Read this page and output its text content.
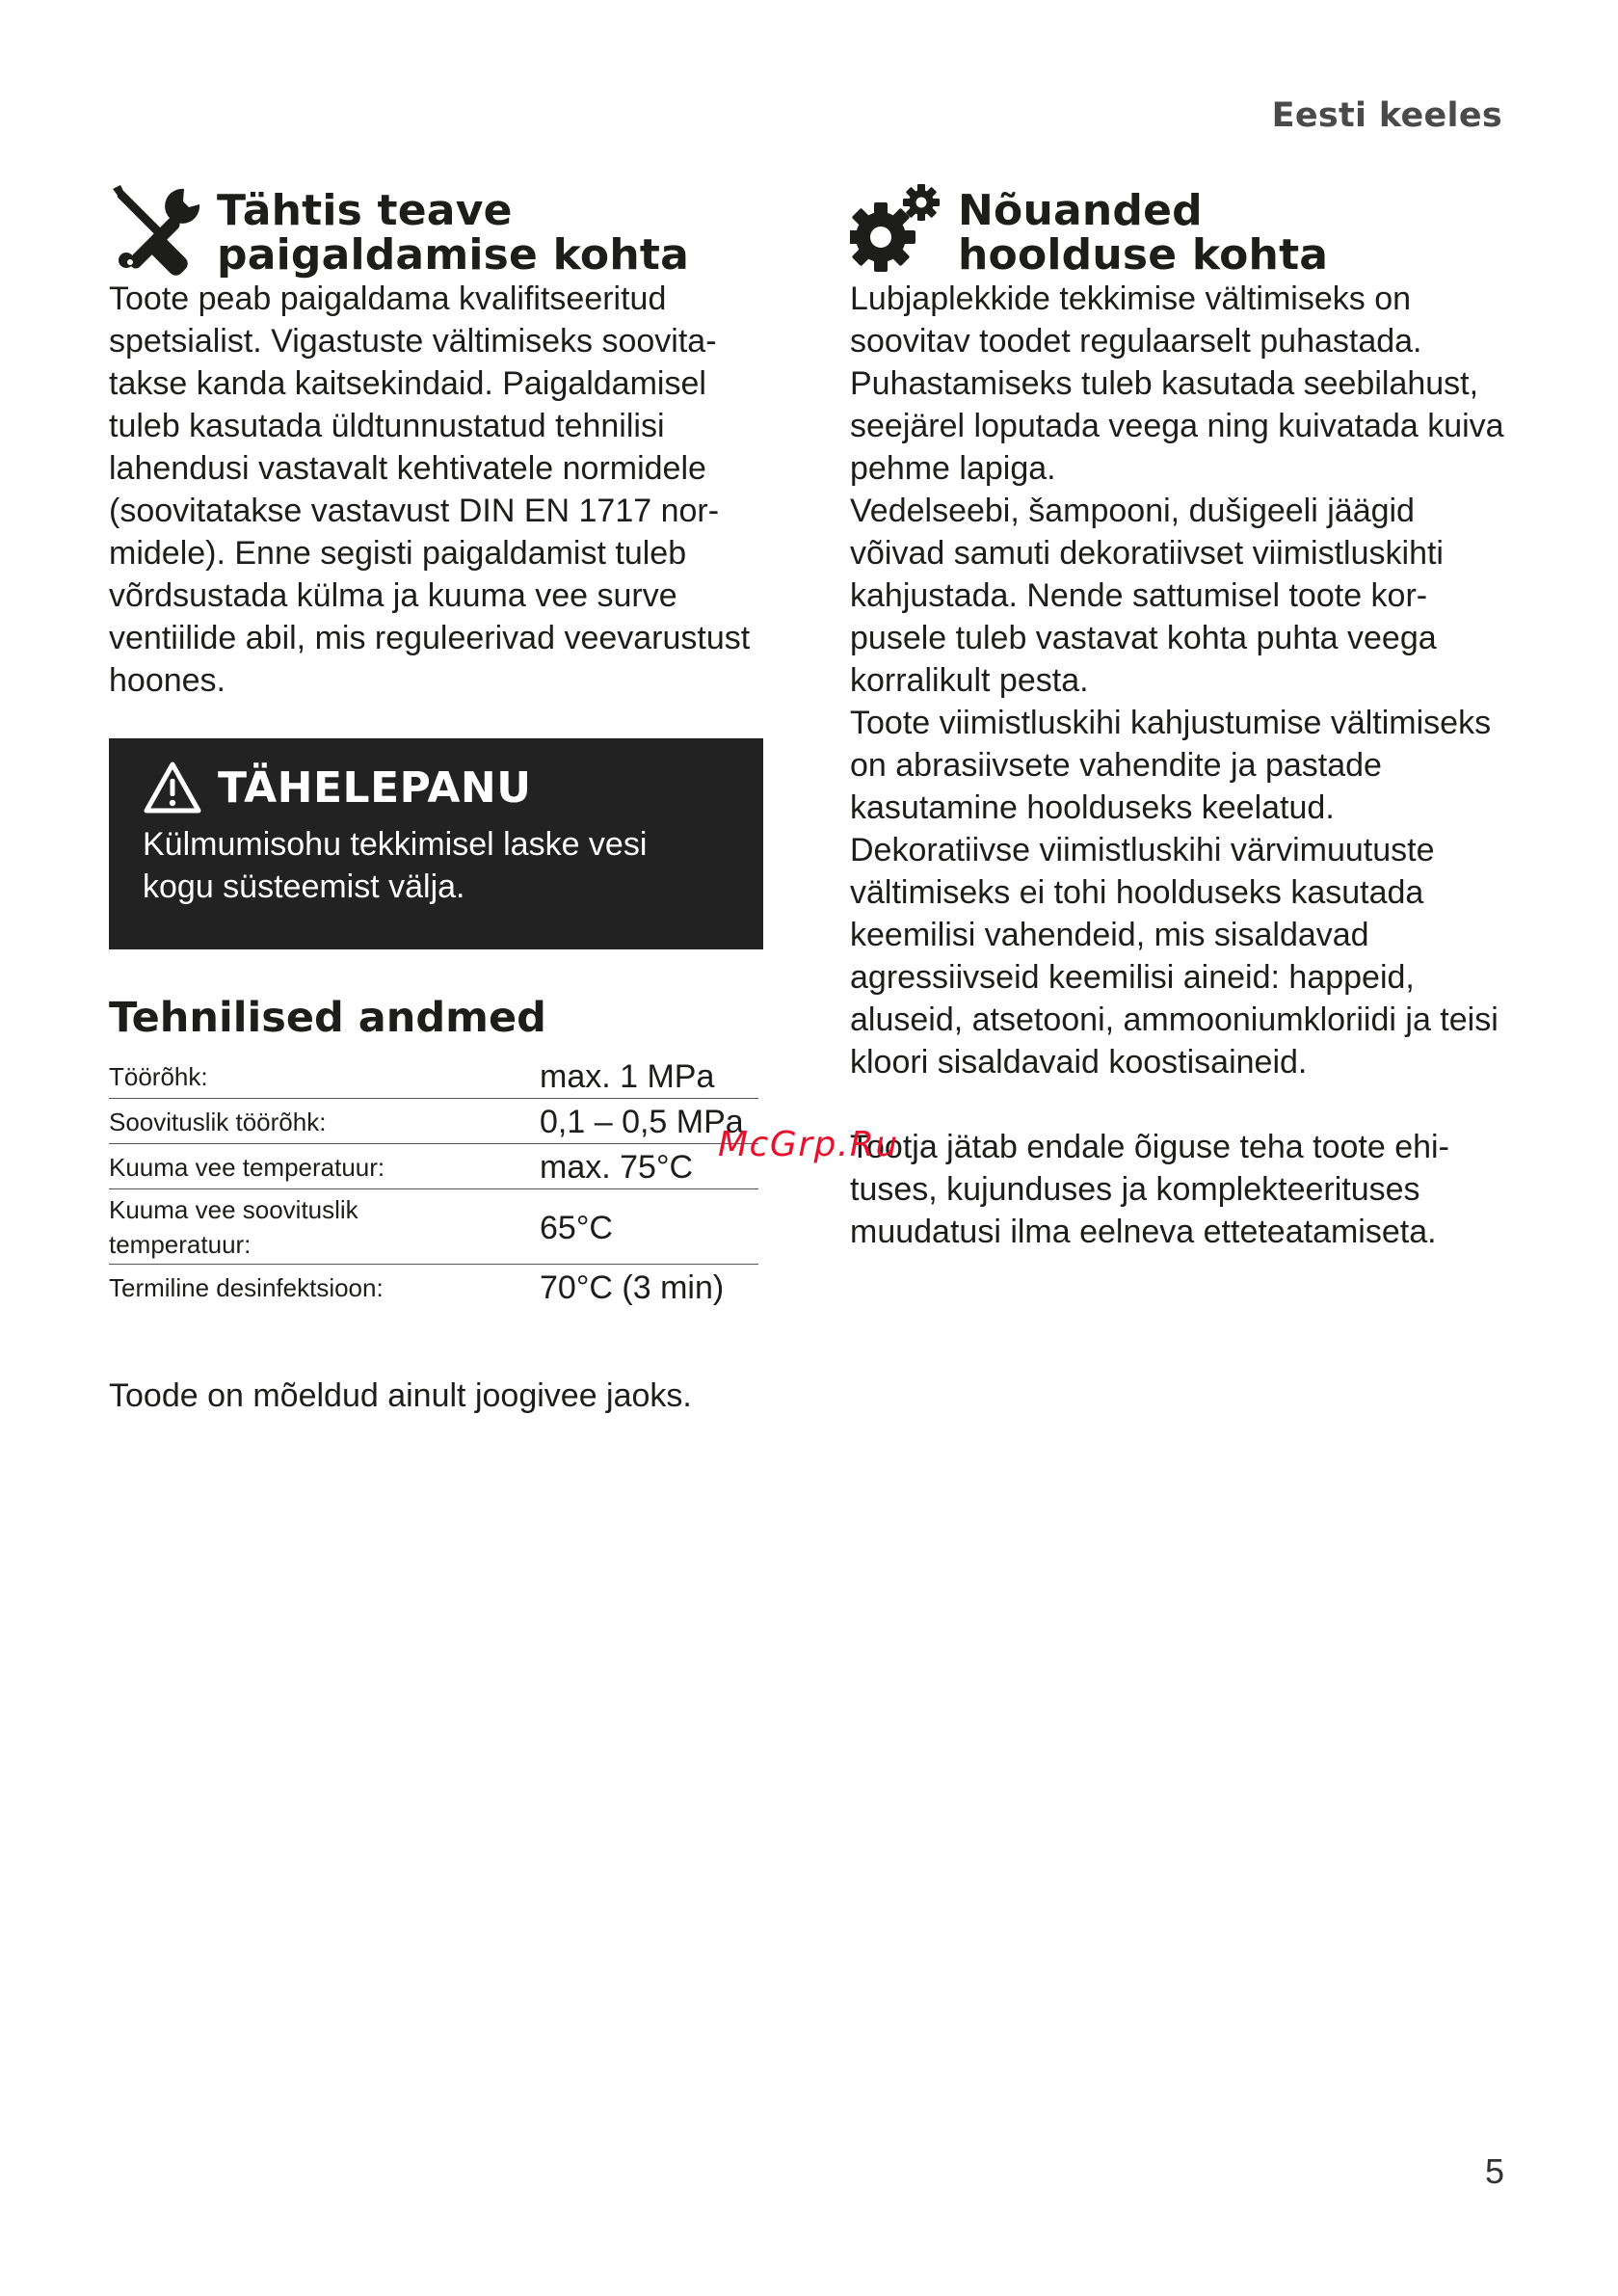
Eesti keeles
Tähtis teave
paigaldamise kohta

Toote peab paigaldama kvalifitseeritud spetsialist. Vigastuste vältimiseks soovitatakse kanda kaitsekindaid. Paigaldamisel tuleb kasutada üldtunnustatud tehnilisi lahendusi vastavalt kehtivatele normidele (soovitatakse vastavust DIN EN 1717 normidele). Enne segisti paigaldamist tuleb võrdsustada külma ja kuuma vee surve ventiilide abil, mis reguleerivad veevarustust hoones.

TÄHELEPANU
Külmumisohu tekkimisel laske vesi
kogu süsteemist välja.
Tehnilised andmed
Töörõhk:	max. 1 MPa
Soovituslik töörõhk:	0,1 – 0,5 MPa
Kuuma vee temperatuur:	max. 75°C
Kuuma vee soovituslik temperatuur:	65°C
Termiline desinfektsioon:	70°C (3 min)

Toode on mõeldud ainult joogivee jaoks.

Nõuanded
hoolduse kohta

Lubjaplekkide tekkimise vältimiseks on soovitav toodet regulaarselt puhastada. Puhastamiseks tuleb kasutada seebilahust, seejärel loputada veega ning kuivatada kuiva pehme lapiga.

Vedelseebi, šampooni, dušigeeli jäägid võivad samuti dekoratiivset viimistluskihti kahjustada. Nende sattumisel toote korpusele tuleb vastavat kohta puhta veega korralikult pesta.

Toote viimistluskihi kahjustumise vältimiseks on abrasiivsete vahendite ja pastade kasutamine hoolduseks keelatud.

Dekoratiivse viimistluskihi värvimuutuste vältimiseks ei tohi hoolduseks kasutada keemilisi vahendeid, mis sisaldavad agressiivseid keemilisi aineid: happeid, aluseid, atsetooni, ammooniumkloriidi ja teisi kloori sisaldavaid koostisaineid.

Tootja jätab endale õiguse teha toote ehituses, kujunduses ja komplekteerituses muudatusi ilma eelneva etteteatamiseta.

McGrp.Ru
5
